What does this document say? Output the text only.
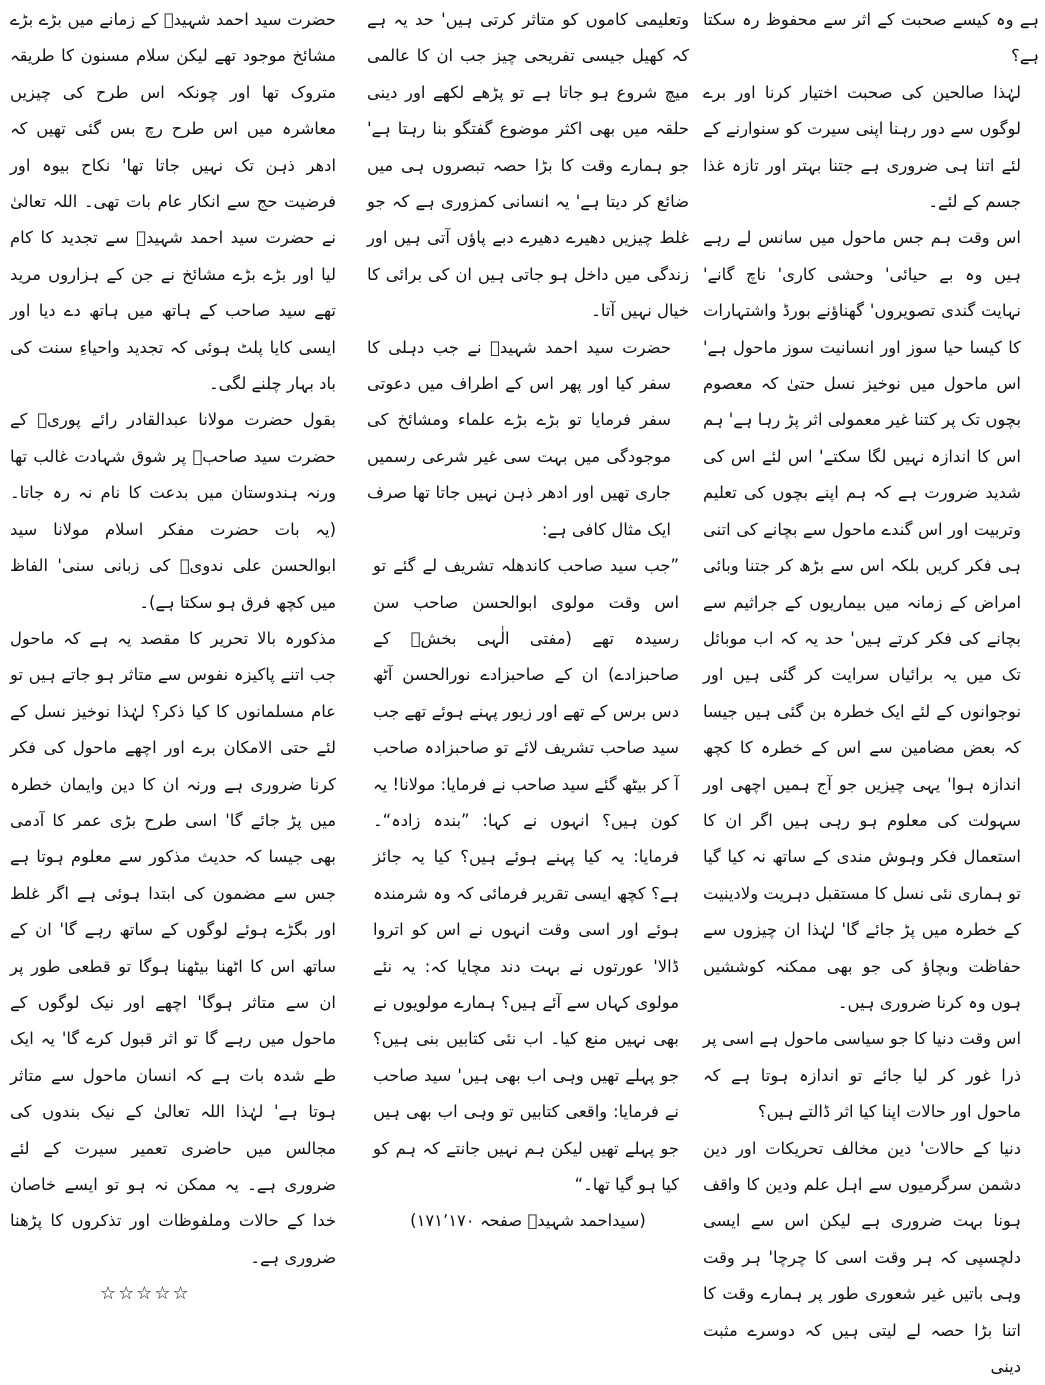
ہے وہ کیسے صحبت کے اثر سے محفوظ رہ سکتا ہے؟

لہٰذا صالحین کی صحبت اختیار کرنا اور برے لوگوں سے دور رہنا اپنی سیرت کو سنوارنے کے لئے اتنا ہی ضروری ہے جتنا بہتر اور تازہ غذا جسم کے لئے۔

اس وقت ہم جس ماحول میں سانس لے رہے ہیں وہ بے حیائی' وحشی کاری' ناچ گانے' نہایت گندی تصویروں' گھناؤنے بورڈ واشتہارات کا کیسا حیا سوز اور انسانیت سوز ماحول ہے' اس ماحول میں نوخیز نسل حتیٰ کہ معصوم بچوں تک پر کتنا غیر معمولی اثر پڑ رہا ہے' ہم اس کا اندازہ نہیں لگا سکتے' اس لئے اس کی شدید ضرورت ہے کہ ہم اپنے بچوں کی تعلیم وتربیت اور اس گندے ماحول سے بچانے کی اتنی ہی فکر کریں بلکہ اس سے بڑھ کر جتنا وبائی امراض کے زمانہ میں بیماریوں کے جراثیم سے بچانے کی فکر کرتے ہیں' حد یہ کہ اب موبائل تک میں یہ برائیاں سرایت کر گئی ہیں اور نوجوانوں کے لئے ایک خطرہ بن گئی ہیں جیسا کہ بعض مضامین سے اس کے خطرہ کا کچھ اندازہ ہوا' یہی چیزیں جو آج ہمیں اچھی اور سہولت کی معلوم ہو رہی ہیں اگر ان کا استعمال فکر وہوش مندی کے ساتھ نہ کیا گیا تو ہماری نئی نسل کا مستقبل دہریت ولادینیت کے خطرہ میں پڑ جائے گا' لہٰذا ان چیزوں سے حفاظت وبچاؤ کی جو بھی ممکنہ کوششیں ہوں وہ کرنا ضروری ہیں۔

اس وقت دنیا کا جو سیاسی ماحول ہے اسی پر ذرا غور کر لیا جائے تو اندازہ ہوتا ہے کہ ماحول اور حالات اپنا کیا اثر ڈالتے ہیں؟

دنیا کے حالات' دین مخالف تحریکات اور دین دشمن سرگرمیوں سے اہل علم ودین کا واقف ہونا بہت ضروری ہے لیکن اس سے ایسی دلچسپی کہ ہر وقت اسی کا چرچا' ہر وقت وہی باتیں غیر شعوری طور پر ہمارے وقت کا اتنا بڑا حصہ لے لیتی ہیں کہ دوسرے مثبت دینی

وتعلیمی کاموں کو متاثر کرتی ہیں' حد یہ ہے کہ کھیل جیسی تفریحی چیز جب ان کا عالمی میچ شروع ہو جاتا ہے تو پڑھے لکھے اور دینی حلقہ میں بھی اکثر موضوع گفتگو بنا رہتا ہے' جو ہمارے وقت کا بڑا حصہ تبصروں ہی میں ضائع کر دیتا ہے' یہ انسانی کمزوری ہے کہ جو غلط چیزیں دھیرے دھیرے دبے پاؤں آتی ہیں اور زندگی میں داخل ہو جاتی ہیں ان کی برائی کا خیال نہیں آتا۔

حضرت سید احمد شہیدؒ نے جب دہلی کا سفر کیا اور پھر اس کے اطراف میں دعوتی سفر فرمایا تو بڑے بڑے علماء ومشائخ کی موجودگی میں بہت سی غیر شرعی رسمیں جاری تھیں اور ادھر ذہن نہیں جاتا تھا صرف ایک مثال کافی ہے:

”جب سید صاحب کاندھلہ تشریف لے گئے تو اس وقت مولوی ابوالحسن صاحب سن رسیدہ تھے (مفتی الٰہی بخشؒ کے صاحبزادے) ان کے صاحبزادے نورالحسن آٹھ دس برس کے تھے اور زیور پہنے ہوئے تھے جب سید صاحب تشریف لائے تو صاحبزادہ صاحب آ کر بیٹھ گئے سید صاحب نے فرمایا: مولانا! یہ کون ہیں؟ انہوں نے کہا: ”بندہ زادہ“۔ فرمایا: یہ کیا پہنے ہوئے ہیں؟ کیا یہ جائز ہے؟ کچھ ایسی تقریر فرمائی کہ وہ شرمندہ ہوئے اور اسی وقت انہوں نے اس کو اتروا ڈالا' عورتوں نے بہت دند مچایا کہ: یہ نئے مولوی کہاں سے آئے ہیں؟ ہمارے مولویوں نے بھی نہیں منع کیا۔ اب نئی کتابیں بنی ہیں؟ جو پہلے تھیں وہی اب بھی ہیں' سید صاحب نے فرمایا: واقعی کتابیں تو وہی اب بھی ہیں جو پہلے تھیں لیکن ہم نہیں جانتے کہ ہم کو کیا ہو گیا تھا۔“

(سیداحمد شہیدؒ صفحہ ۱۷۱٬۱۷۰)

حضرت سید احمد شہیدؒ کے زمانے میں بڑے بڑے مشائخ موجود تھے لیکن سلام مسنون کا طریقہ متروک تھا اور چونکہ اس طرح کی چیزیں معاشرہ میں اس طرح رچ بس گئی تھیں کہ ادھر ذہن تک نہیں جاتا تھا' نکاح بیوہ اور فرضیت حج سے انکار عام بات تھی۔ اللہ تعالیٰ نے حضرت سید احمد شہیدؒ سے تجدید کا کام لیا اور بڑے بڑے مشائخ نے جن کے ہزاروں مرید تھے سید صاحب کے ہاتھ میں ہاتھ دے دیا اور ایسی کایا پلٹ ہوئی کہ تجدید واحیاءِ سنت کی باد بہار چلنے لگی۔

بقول حضرت مولانا عبدالقادر رائے پوریؒ کے حضرت سید صاحبؒ پر شوق شہادت غالب تھا ورنہ ہندوستان میں بدعت کا نام نہ رہ جاتا۔ (یہ بات حضرت مفکر اسلام مولانا سید ابوالحسن علی ندویؒ کی زبانی سنی' الفاظ میں کچھ فرق ہو سکتا ہے)۔

مذکورہ بالا تحریر کا مقصد یہ ہے کہ ماحول جب اتنے پاکیزہ نفوس سے متاثر ہو جاتے ہیں تو عام مسلمانوں کا کیا ذکر؟ لہٰذا نوخیز نسل کے لئے حتی الامکان برے اور اچھے ماحول کی فکر کرنا ضروری ہے ورنہ ان کا دین وایمان خطرہ میں پڑ جائے گا' اسی طرح بڑی عمر کا آدمی بھی جیسا کہ حدیث مذکور سے معلوم ہوتا ہے جس سے مضمون کی ابتدا ہوئی ہے اگر غلط اور بگڑے ہوئے لوگوں کے ساتھ رہے گا' ان کے ساتھ اس کا اٹھنا بیٹھنا ہوگا تو قطعی طور پر ان سے متاثر ہوگا' اچھے اور نیک لوگوں کے ماحول میں رہے گا تو اثر قبول کرے گا' یہ ایک طے شدہ بات ہے کہ انسان ماحول سے متاثر ہوتا ہے' لہٰذا اللہ تعالیٰ کے نیک بندوں کی مجالس میں حاضری تعمیر سیرت کے لئے ضروری ہے۔ یہ ممکن نہ ہو تو ایسے خاصان خدا کے حالات وملفوظات اور تذکروں کا پڑھنا ضروری ہے۔

☆☆☆☆☆
